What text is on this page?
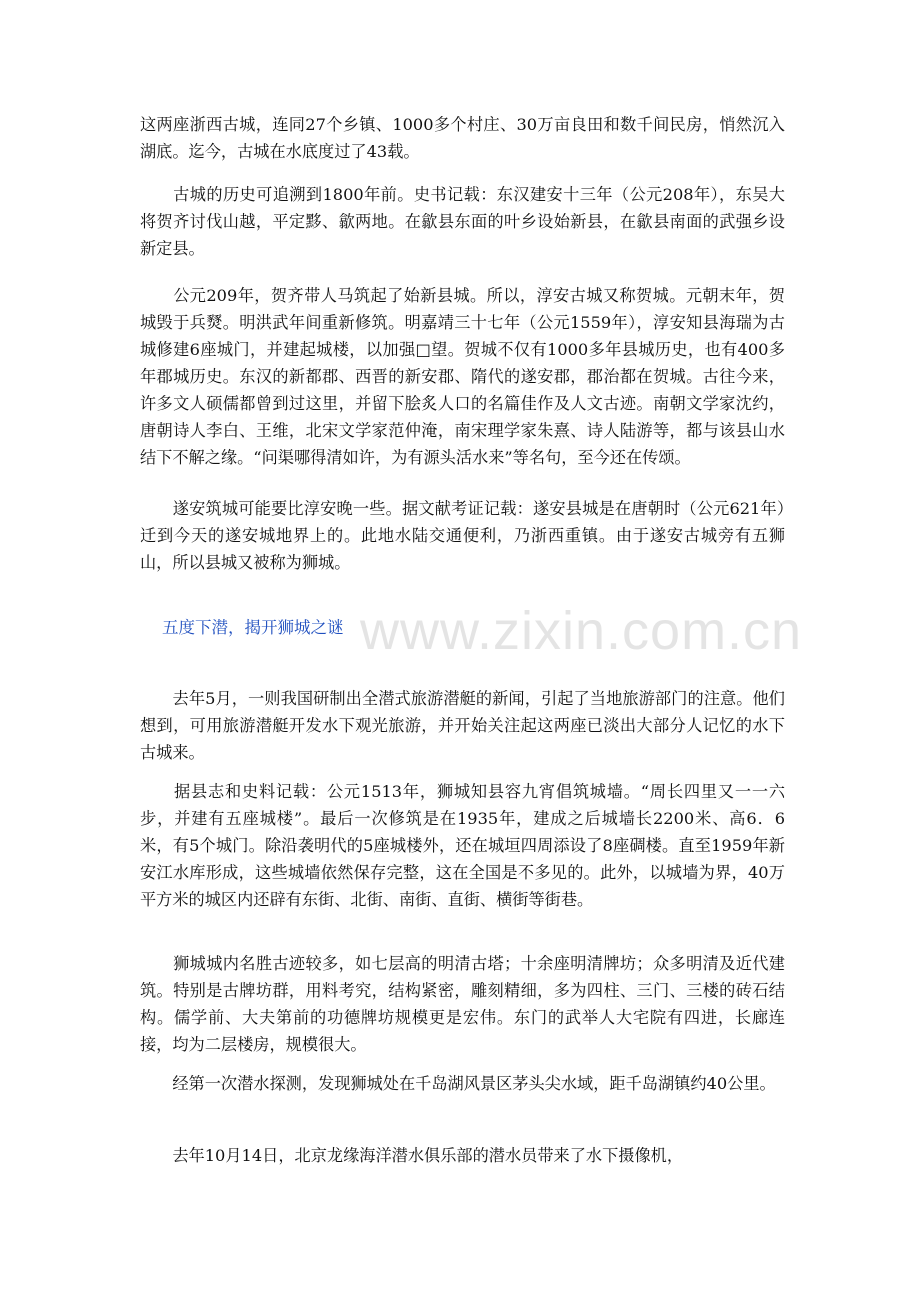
这两座浙西古城，连同27个乡镇、1000多个村庄、30万亩良田和数千间民房，悄然沉入湖底。迄今，古城在水底度过了43载。

　　古城的历史可追溯到1800年前。史书记载：东汉建安十三年（公元208年），东吴大将贺齐讨伐山越，平定黟、歙两地。在歙县东面的叶乡设始新县，在歙县南面的武强乡设新定县。

　　公元209年，贺齐带人马筑起了始新县城。所以，淳安古城又称贺城。元朝末年，贺城毁于兵燹。明洪武年间重新修筑。明嘉靖三十七年（公元1559年），淳安知县海瑞为古城修建6座城门，并建起城楼，以加强□望。贺城不仅有1000多年县城历史，也有400多年郡城历史。东汉的新都郡、西晋的新安郡、隋代的遂安郡，郡治都在贺城。古往今来，许多文人硕儒都曾到过这里，并留下脍炙人口的名篇佳作及人文古迹。南朝文学家沈约，唐朝诗人李白、王维，北宋文学家范仲淹，南宋理学家朱熹、诗人陆游等，都与该县山水结下不解之缘。“问渠哪得清如许，为有源头活水来”等名句，至今还在传颂。

　　遂安筑城可能要比淳安晚一些。据文献考证记载：遂安县城是在唐朝时（公元621年）迁到今天的遂安城地界上的。此地水陆交通便利，乃浙西重镇。由于遂安古城旁有五狮山，所以县城又被称为狮城。

五度下潜，揭开狮城之谜

　　去年5月，一则我国研制出全潜式旅游潜艇的新闻，引起了当地旅游部门的注意。他们想到，可用旅游潜艇开发水下观光旅游，并开始关注起这两座已淡出大部分人记忆的水下古城来。

　　据县志和史料记载：公元1513年，狮城知县容九宵倡筑城墙。“周长四里又一一六步，并建有五座城楼”。最后一次修筑是在1935年，建成之后城墙长2200米、高6．6米，有5个城门。除沿袭明代的5座城楼外，还在城垣四周添设了8座碉楼。直至1959年新安江水库形成，这些城墙依然保存完整，这在全国是不多见的。此外，以城墙为界，40万平方米的城区内还辟有东街、北街、南街、直街、横街等街巷。

　　狮城城内名胜古迹较多，如七层高的明清古塔；十余座明清牌坊；众多明清及近代建筑。特别是古牌坊群，用料考究，结构紧密，雕刻精细，多为四柱、三门、三楼的砖石结构。儒学前、大夫第前的功德牌坊规模更是宏伟。东门的武举人大宅院有四进，长廊连接，均为二层楼房，规模很大。

　　经第一次潜水探测，发现狮城处在千岛湖风景区茅头尖水域，距千岛湖镇约40公里。

　　去年10月14日，北京龙缘海洋潜水俱乐部的潜水员带来了水下摄像机，

www.zixin.com.cn
